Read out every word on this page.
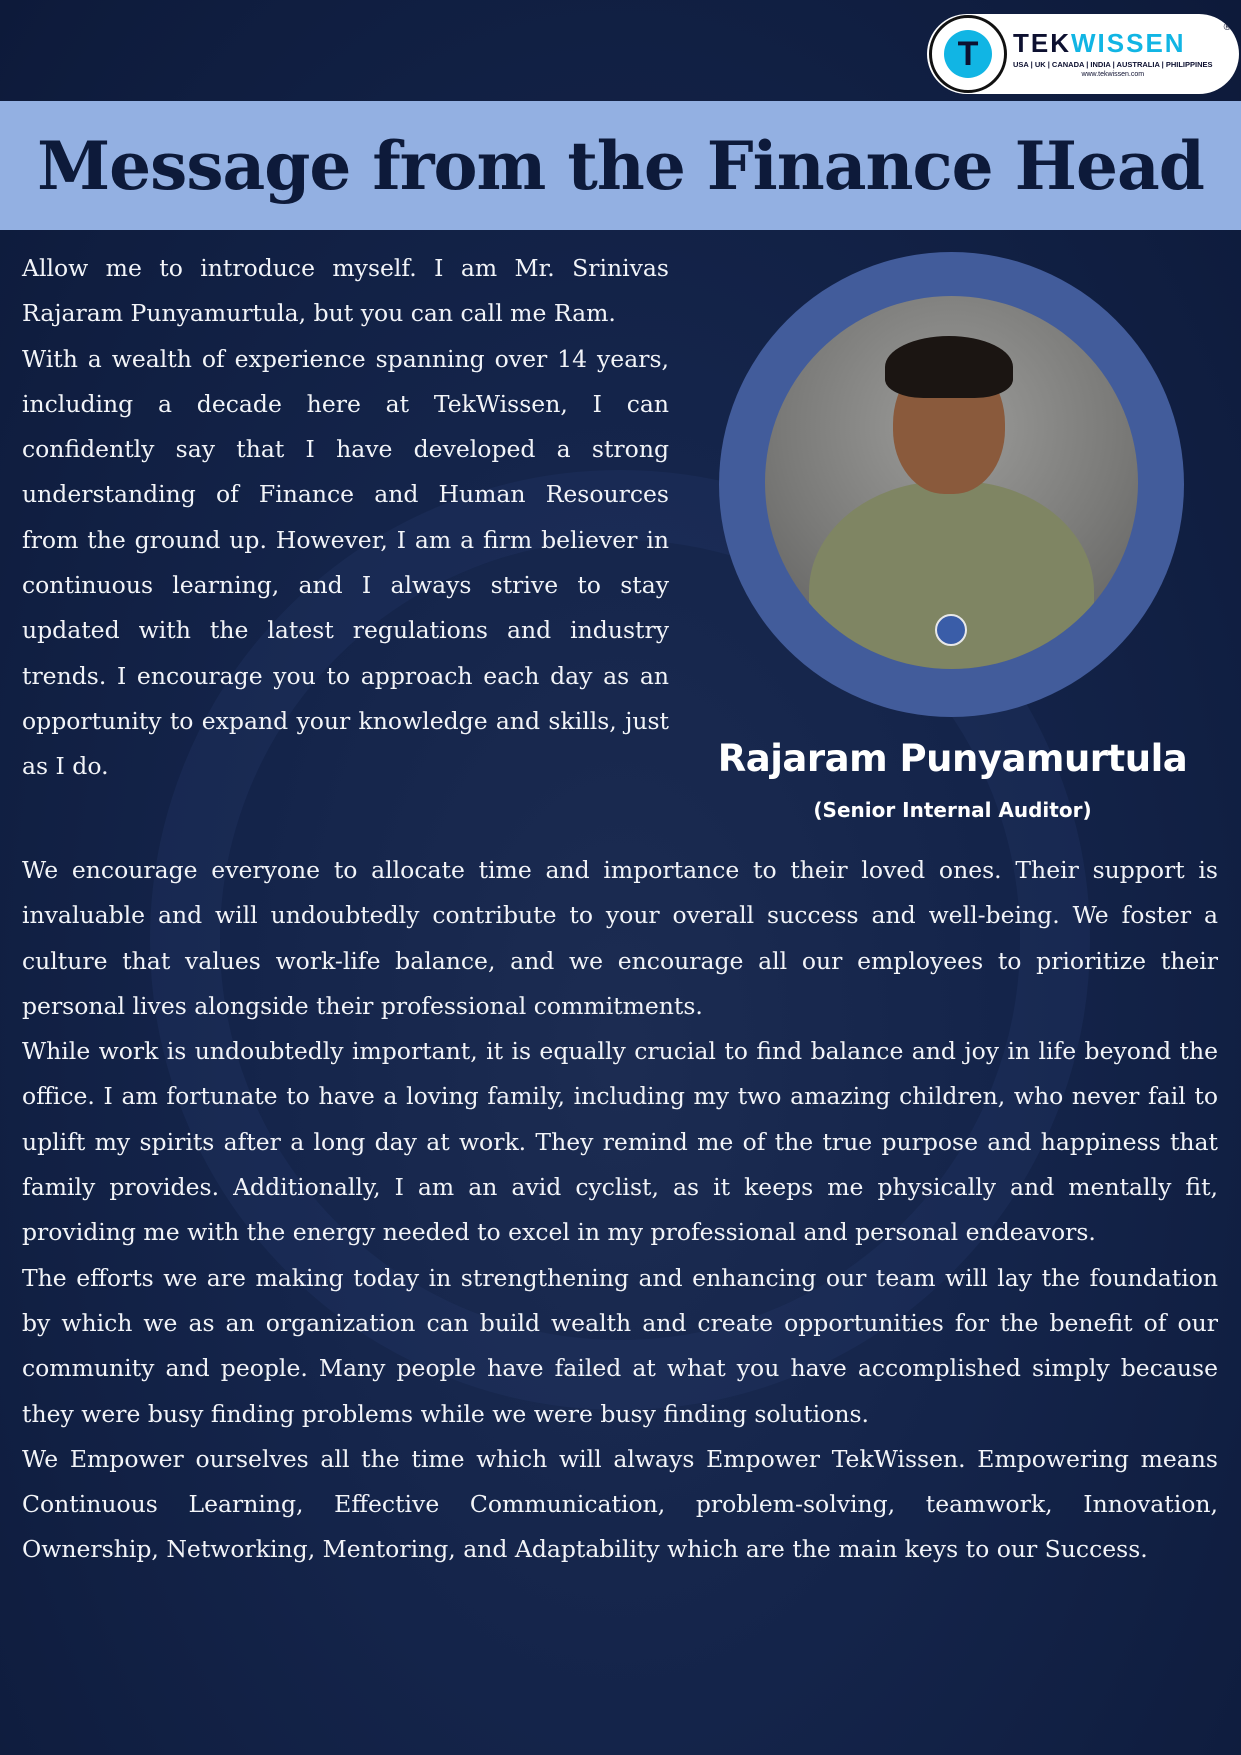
T	TEKWISSEN
USA | UK | CANADA | INDIA | AUSTRALIA | PHILIPPINES
www.tekwissen.com
®
Message from the Finance Head

Allow me to introduce myself. I am Mr. Srinivas Rajaram Punyamurtula, but you can call me Ram.

With a wealth of experience spanning over 14 years, including a decade here at TekWissen, I can confidently say that I have developed a strong understanding of Finance and Human Resources from the ground up. However, I am a firm believer in continuous learning, and I always strive to stay updated with the latest regulations and industry trends. I encourage you to approach each day as an opportunity to expand your knowledge and skills, just as I do.	Rajaram Punyamurtula
(Senior Internal Auditor)

We encourage everyone to allocate time and importance to their loved ones. Their support is invaluable and will undoubtedly contribute to your overall success and well-being. We foster a culture that values work-life balance, and we encourage all our employees to prioritize their personal lives alongside their professional commitments.

While work is undoubtedly important, it is equally crucial to find balance and joy in life beyond the office. I am fortunate to have a loving family, including my two amazing children, who never fail to uplift my spirits after a long day at work. They remind me of the true purpose and happiness that family provides. Additionally, I am an avid cyclist, as it keeps me physically and mentally fit, providing me with the energy needed to excel in my professional and personal endeavors.

The efforts we are making today in strengthening and enhancing our team will lay the foundation by which we as an organization can build wealth and create opportunities for the benefit of our community and people. Many people have failed at what you have accomplished simply because they were busy finding problems while we were busy finding solutions.

We Empower ourselves all the time which will always Empower TekWissen. Empowering means Continuous Learning, Effective Communication, problem-solving, teamwork, Innovation, Ownership, Networking, Mentoring, and Adaptability which are the main keys to our Success.
